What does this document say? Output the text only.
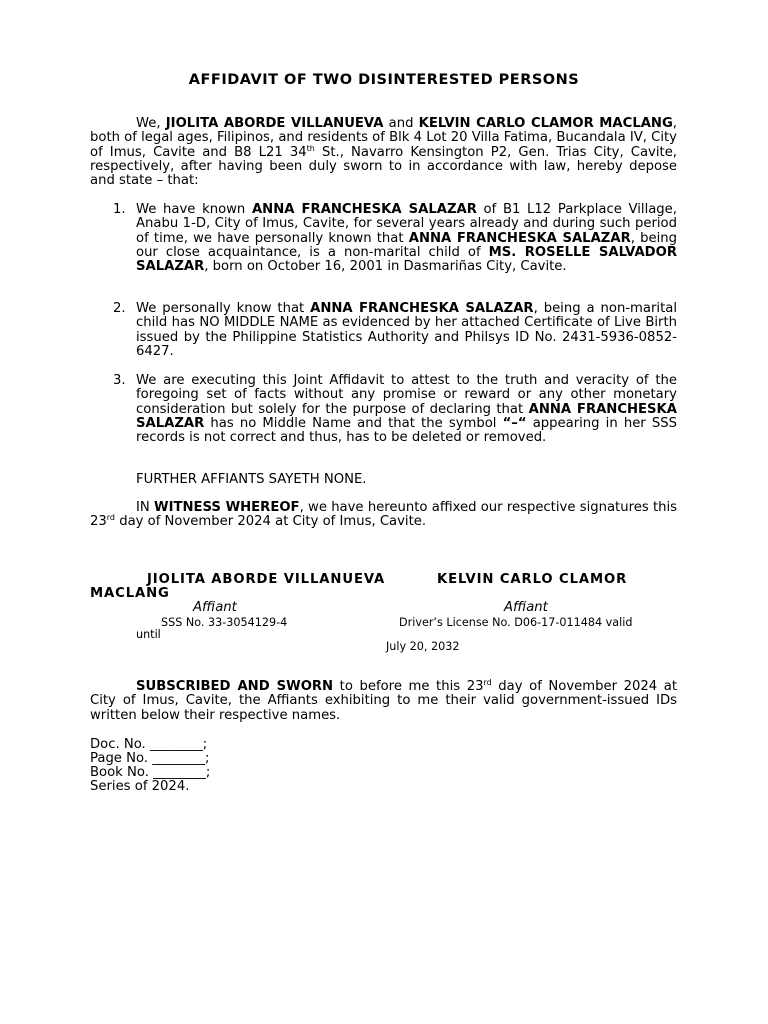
AFFIDAVIT OF TWO DISINTERESTED PERSONS

We, JIOLITA ABORDE VILLANUEVA and KELVIN CARLO CLAMOR MACLANG, both of legal ages, Filipinos, and residents of Blk 4 Lot 20 Villa Fatima, Bucandala IV, City of Imus, Cavite and B8 L21 34th St., Navarro Kensington P2, Gen. Trias City, Cavite, respectively, after having been duly sworn to in accordance with law, hereby depose and state – that:

1. We have known ANNA FRANCHESKA SALAZAR of B1 L12 Parkplace Village, Anabu 1-D, City of Imus, Cavite, for several years already and during such period of time, we have personally known that ANNA FRANCHESKA SALAZAR, being our close acquaintance, is a non-marital child of MS. ROSELLE SALVADOR SALAZAR, born on October 16, 2001 in Dasmariñas City, Cavite.
2. We personally know that ANNA FRANCHESKA SALAZAR, being a non-marital child has NO MIDDLE NAME as evidenced by her attached Certificate of Live Birth issued by the Philippine Statistics Authority and Philsys ID No. 2431-5936-0852-6427.
3. We are executing this Joint Affidavit to attest to the truth and veracity of the foregoing set of facts without any promise or reward or any other monetary consideration but solely for the purpose of declaring that ANNA FRANCHESKA SALAZAR has no Middle Name and that the symbol “–“ appearing in her SSS records is not correct and thus, has to be deleted or removed.
FURTHER AFFIANTS SAYETH NONE.

IN WITNESS WHEREOF, we have hereunto affixed our respective signatures this 23rd day of November 2024 at City of Imus, Cavite.

JIOLITA ABORDE VILLANUEVA	KELVIN CARLO CLAMOR
MACLANG
Affiant	Affiant
SSS No. 33-3054129-4	Driver’s License No. D06-17-011484 valid
until
July 20, 2032

SUBSCRIBED AND SWORN to before me this 23rd day of November 2024 at City of Imus, Cavite, the Affiants exhibiting to me their valid government-issued IDs written below their respective names.

Doc. No. ________;
Page No. ________;
Book No. ________;
Series of 2024.
